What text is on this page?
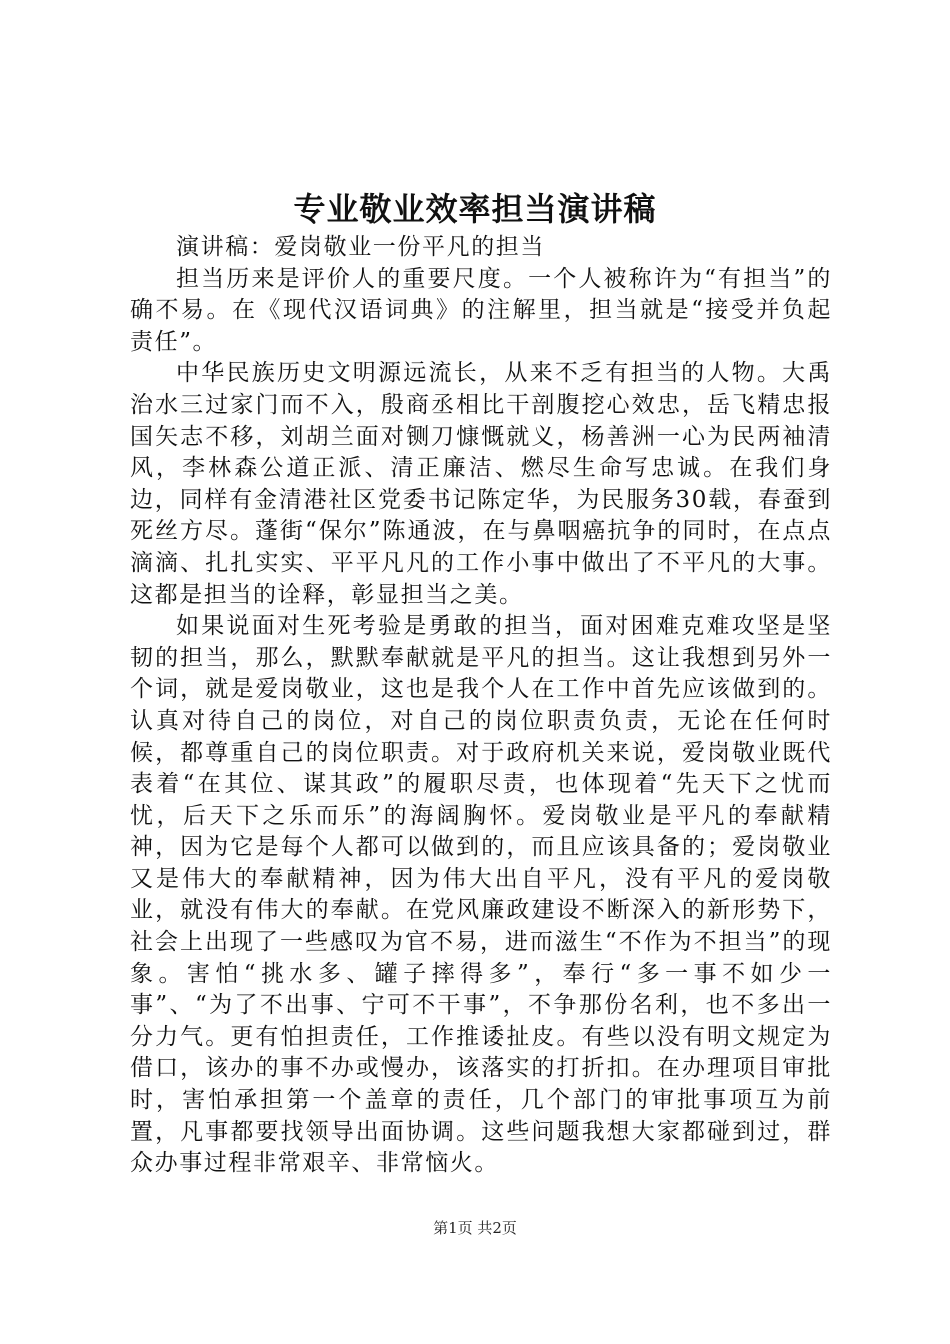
专业敬业效率担当演讲稿

演讲稿：爱岗敬业一份平凡的担当

担当历来是评价人的重要尺度。一个人被称许为“有担当”的确不易。在《现代汉语词典》的注解里，担当就是“接受并负起责任”。

中华民族历史文明源远流长，从来不乏有担当的人物。大禹治水三过家门而不入，殷商丞相比干剖腹挖心效忠，岳飞精忠报国矢志不移，刘胡兰面对铡刀慷慨就义，杨善洲一心为民两袖清风，李林森公道正派、清正廉洁、燃尽生命写忠诚。在我们身边，同样有金清港社区党委书记陈定华，为民服务30载，春蚕到死丝方尽。蓬街“保尔”陈通波，在与鼻咽癌抗争的同时，在点点滴滴、扎扎实实、平平凡凡的工作小事中做出了不平凡的大事。这都是担当的诠释，彰显担当之美。

如果说面对生死考验是勇敢的担当，面对困难克难攻坚是坚韧的担当，那么，默默奉献就是平凡的担当。这让我想到另外一个词，就是爱岗敬业，这也是我个人在工作中首先应该做到的。认真对待自己的岗位，对自己的岗位职责负责，无论在任何时候，都尊重自己的岗位职责。对于政府机关来说，爱岗敬业既代表着“在其位、谋其政”的履职尽责，也体现着“先天下之忧而忧，后天下之乐而乐”的海阔胸怀。爱岗敬业是平凡的奉献精神，因为它是每个人都可以做到的，而且应该具备的；爱岗敬业又是伟大的奉献精神，因为伟大出自平凡，没有平凡的爱岗敬业，就没有伟大的奉献。在党风廉政建设不断深入的新形势下，社会上出现了一些感叹为官不易，进而滋生“不作为不担当”的现象。害怕“挑水多、罐子摔得多”，奉行“多一事不如少一事”、“为了不出事、宁可不干事”，不争那份名利，也不多出一分力气。更有怕担责任，工作推诿扯皮。有些以没有明文规定为借口，该办的事不办或慢办，该落实的打折扣。在办理项目审批时，害怕承担第一个盖章的责任，几个部门的审批事项互为前置，凡事都要找领导出面协调。这些问题我想大家都碰到过，群众办事过程非常艰辛、非常恼火。

第1页 共2页
